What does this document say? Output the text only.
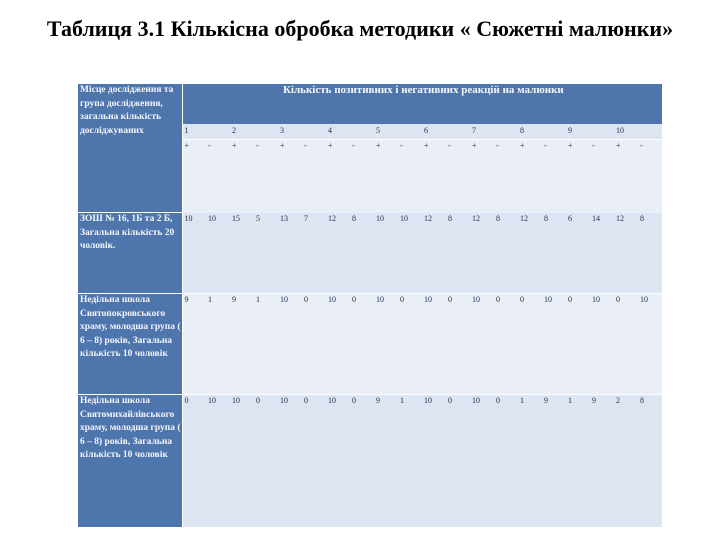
Таблиця 3.1 Кількісна обробка методики « Сюжетні малюнки»
Місце дослідження та група дослідження, загальна кількість досліджуваних	Кількість позитивних і негативних реакцій на малюнки																			
	1		2		3		4		5		6		7		8		9		10	
	+	-	+	-	+	-	+	-	+	-	+	-	+	-	+	-	+	-	+	-
ЗОШ № 16, 1Б та 2 Б, Загальна кількість 20 чоловік.	10	10	15	5	13	7	12	8	10	10	12	8	12	8	12	8	6	14	12	8
Недільна школа Святопокровського храму, молодша група ( 6 – 8) років, Загальна кількість 10 чоловік	9	1	9	1	10	0	10	0	10	0	10	0	10	0	0	10	0	10	0	10
Недільна школа Святомихайлівського храму, молодша група ( 6 – 8) років, Загальна кількість 10 чоловік	0	10	10	0	10	0	10	0	9	1	10	0	10	0	1	9	1	9	2	8
